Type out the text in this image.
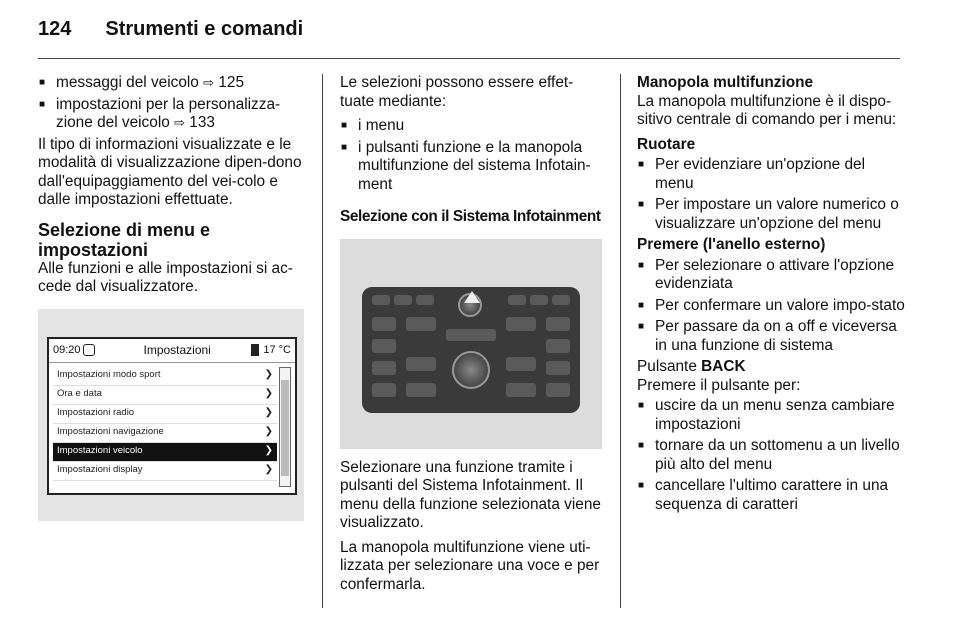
124 Strumenti e comandi
■ messaggi del veicolo ⇨ 125
■ impostazioni per la personalizza-zione del veicolo ⇨ 133

Il tipo di informazioni visualizzate e le modalità di visualizzazione dipen-dono dall'equipaggiamento del vei-colo e dalle impostazioni effettuate.

Selezione di menu e impostazioni

Alle funzioni e alle impostazioni si ac-cede dal visualizzatore.

09:20	Impostazioni	17 °C
Impostazioni modo sport	❯
Ora e data	❯
Impostazioni radio	❯
Impostazioni navigazione	❯
Impostazioni veicolo	❯
Impostazioni display	❯

Le selezioni possono essere effet-tuate mediante:

■ i menu
■ i pulsanti funzione e la manopola multifunzione del sistema Infotain-ment
Selezione con il Sistema Infotainment

Selezionare una funzione tramite i pulsanti del Sistema Infotainment. Il menu della funzione selezionata viene visualizzato.

La manopola multifunzione viene uti-lizzata per selezionare una voce e per confermarla.

Manopola multifunzione

La manopola multifunzione è il dispo-sitivo centrale di comando per i menu:

Ruotare
■ Per evidenziare un'opzione del menu
■ Per impostare un valore numerico o visualizzare un'opzione del menu
Premere (l'anello esterno)
■ Per selezionare o attivare l'opzione evidenziata
■ Per confermare un valore impo-stato
■ Per passare da on a off e viceversa in una funzione di sistema
Pulsante BACK
Premere il pulsante per:
■ uscire da un menu senza cambiare impostazioni
■ tornare da un sottomenu a un livello più alto del menu
■ cancellare l'ultimo carattere in una sequenza di caratteri
